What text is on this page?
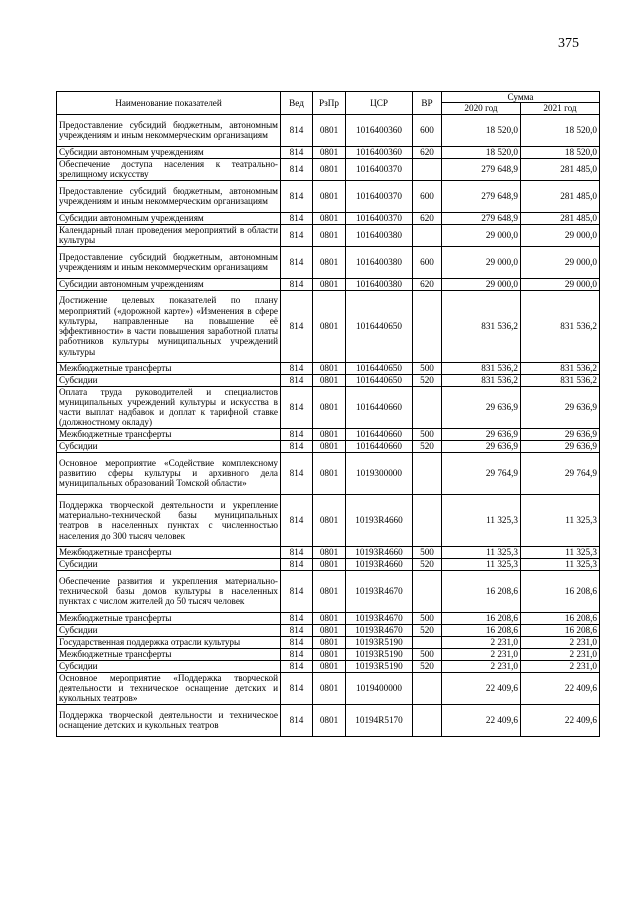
375
Наименование показателей	Вед	РзПр	ЦСР	ВР	Сумма	
					2020 год	2021 год
Предоставление субсидий бюджетным, автономным учреждениям и иным некоммерческим организациям	814	0801	1016400360	600	18 520,0	18 520,0
Субсидии автономным учреждениям	814	0801	1016400360	620	18 520,0	18 520,0
Обеспечение доступа населения к театрально-зрелищному искусству	814	0801	1016400370		279 648,9	281 485,0
Предоставление субсидий бюджетным, автономным учреждениям и иным некоммерческим организациям	814	0801	1016400370	600	279 648,9	281 485,0
Субсидии автономным учреждениям	814	0801	1016400370	620	279 648,9	281 485,0
Календарный план проведения мероприятий в области культуры	814	0801	1016400380		29 000,0	29 000,0
Предоставление субсидий бюджетным, автономным учреждениям и иным некоммерческим организациям	814	0801	1016400380	600	29 000,0	29 000,0
Субсидии автономным учреждениям	814	0801	1016400380	620	29 000,0	29 000,0
Достижение целевых показателей по плану мероприятий («дорожной карте») «Изменения в сфере культуры, направленные на повышение её эффективности» в части повышения заработной платы работников культуры муниципальных учреждений культуры	814	0801	1016440650		831 536,2	831 536,2
Межбюджетные трансферты	814	0801	1016440650	500	831 536,2	831 536,2
Субсидии	814	0801	1016440650	520	831 536,2	831 536,2
Оплата труда руководителей и специалистов муниципальных учреждений культуры и искусства в части выплат надбавок и доплат к тарифной ставке (должностному окладу)	814	0801	1016440660		29 636,9	29 636,9
Межбюджетные трансферты	814	0801	1016440660	500	29 636,9	29 636,9
Субсидии	814	0801	1016440660	520	29 636,9	29 636,9
Основное мероприятие «Содействие комплексному развитию сферы культуры и архивного дела муниципальных образований Томской области»	814	0801	1019300000		29 764,9	29 764,9
Поддержка творческой деятельности и укрепление материально-технической базы муниципальных театров в населенных пунктах с численностью населения до 300 тысяч человек	814	0801	10193R4660		11 325,3	11 325,3
Межбюджетные трансферты	814	0801	10193R4660	500	11 325,3	11 325,3
Субсидии	814	0801	10193R4660	520	11 325,3	11 325,3
Обеспечение развития и укрепления материально-технической базы домов культуры в населенных пунктах с числом жителей до 50 тысяч человек	814	0801	10193R4670		16 208,6	16 208,6
Межбюджетные трансферты	814	0801	10193R4670	500	16 208,6	16 208,6
Субсидии	814	0801	10193R4670	520	16 208,6	16 208,6
Государственная поддержка отрасли культуры	814	0801	10193R5190		2 231,0	2 231,0
Межбюджетные трансферты	814	0801	10193R5190	500	2 231,0	2 231,0
Субсидии	814	0801	10193R5190	520	2 231,0	2 231,0
Основное мероприятие «Поддержка творческой деятельности и техническое оснащение детских и кукольных театров»	814	0801	1019400000		22 409,6	22 409,6
Поддержка творческой деятельности и техническое оснащение детских и кукольных театров	814	0801	10194R5170		22 409,6	22 409,6
